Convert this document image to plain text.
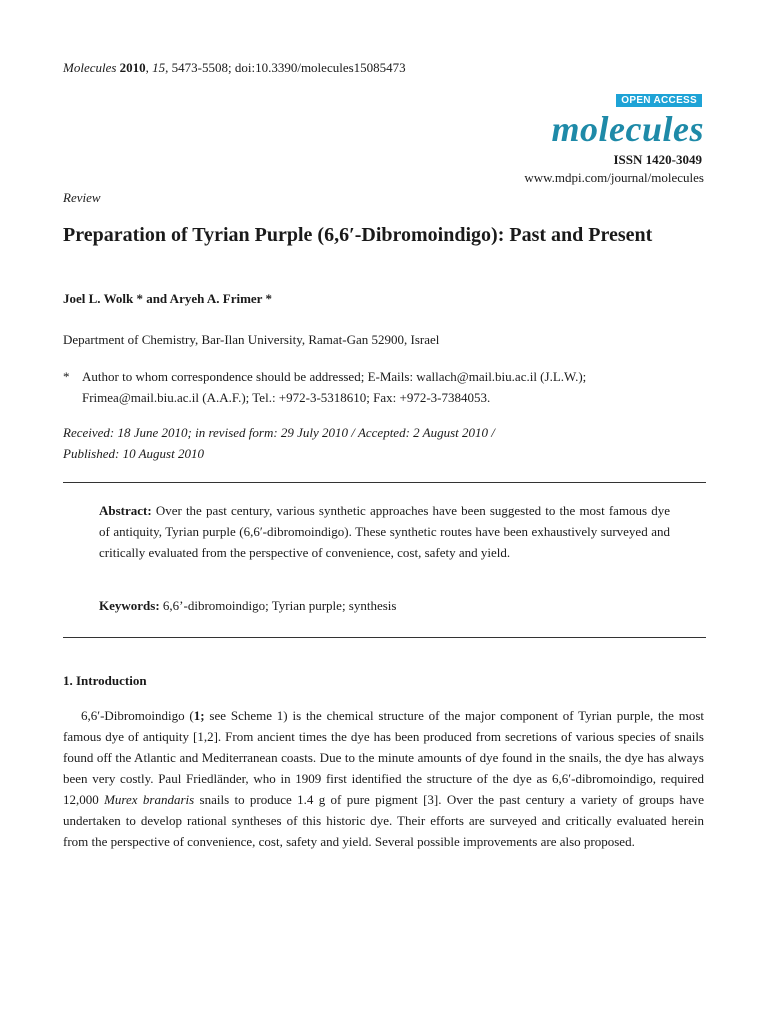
Molecules 2010, 15, 5473-5508; doi:10.3390/molecules15085473
OPEN ACCESS
molecules
ISSN 1420-3049
www.mdpi.com/journal/molecules
Review
Preparation of Tyrian Purple (6,6′-Dibromoindigo): Past and Present
Joel L. Wolk * and Aryeh A. Frimer *
Department of Chemistry, Bar-Ilan University, Ramat-Gan 52900, Israel
* Author to whom correspondence should be addressed; E-Mails: wallach@mail.biu.ac.il (J.L.W.);
Frimea@mail.biu.ac.il (A.A.F.); Tel.: +972-3-5318610; Fax: +972-3-7384053.
Received: 18 June 2010; in revised form: 29 July 2010 / Accepted: 2 August 2010 /
Published: 10 August 2010
Abstract: Over the past century, various synthetic approaches have been suggested to the most famous dye of antiquity, Tyrian purple (6,6′-dibromoindigo). These synthetic routes have been exhaustively surveyed and critically evaluated from the perspective of convenience, cost, safety and yield.
Keywords: 6,6’-dibromoindigo; Tyrian purple; synthesis
1. Introduction

6,6′-Dibromoindigo (1; see Scheme 1) is the chemical structure of the major component of Tyrian purple, the most famous dye of antiquity [1,2]. From ancient times the dye has been produced from secretions of various species of snails found off the Atlantic and Mediterranean coasts. Due to the minute amounts of dye found in the snails, the dye has always been very costly. Paul Friedländer, who in 1909 first identified the structure of the dye as 6,6′-dibromoindigo, required 12,000 Murex brandaris snails to produce 1.4 g of pure pigment [3]. Over the past century a variety of groups have undertaken to develop rational syntheses of this historic dye. Their efforts are surveyed and critically evaluated herein from the perspective of convenience, cost, safety and yield. Several possible improvements are also proposed.
